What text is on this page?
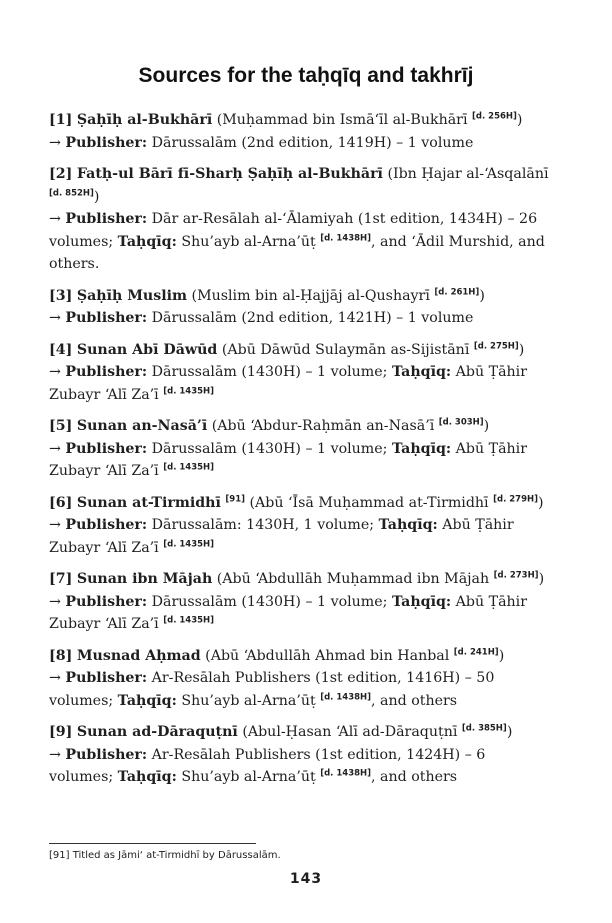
Sources for the taḥqīq and takhrīj
[1] Ṣaḥīḥ al-Bukhārī (Muḥammad bin Ismā‘īl al-Bukhārī [d. 256H])
→ Publisher: Dārussalām (2nd edition, 1419H) – 1 volume
[2] Fatḥ-ul Bārī fī-Sharḥ Ṣaḥīḥ al-Bukhārī (Ibn Ḥajar al-‘Asqalānī [d. 852H])
→ Publisher: Dār ar-Resālah al-‘Ālamiyah (1st edition, 1434H) – 26 volumes; Taḥqīq: Shu’ayb al-Arna’ūṭ [d. 1438H], and ‘Ādil Murshid, and others.
[3] Ṣaḥīḥ Muslim (Muslim bin al-Ḥajjāj al-Qushayrī [d. 261H])
→ Publisher: Dārussalām (2nd edition, 1421H) – 1 volume
[4] Sunan Abī Dāwūd (Abū Dāwūd Sulaymān as-Sijistānī [d. 275H])
→ Publisher: Dārussalām (1430H) – 1 volume; Taḥqīq: Abū Ṭāhir Zubayr ‘Alī Za’ī [d. 1435H]
[5] Sunan an-Nasā’ī (Abū ‘Abdur-Raḥmān an-Nasā’ī [d. 303H])
→ Publisher: Dārussalām (1430H) – 1 volume; Taḥqīq: Abū Ṭāhir Zubayr ‘Alī Za’ī [d. 1435H]
[6] Sunan at-Tirmidhī [91] (Abū ‘Īsā Muḥammad at-Tirmidhī [d. 279H])
→ Publisher: Dārussalām: 1430H, 1 volume; Taḥqīq: Abū Ṭāhir Zubayr ‘Alī Za’ī [d. 1435H]
[7] Sunan ibn Mājah (Abū ‘Abdullāh Muḥammad ibn Mājah [d. 273H])
→ Publisher: Dārussalām (1430H) – 1 volume; Taḥqīq: Abū Ṭāhir Zubayr ‘Alī Za’ī [d. 1435H]
[8] Musnad Aḥmad (Abū ‘Abdullāh Ahmad bin Hanbal [d. 241H])
→ Publisher: Ar-Resālah Publishers (1st edition, 1416H) – 50 volumes; Taḥqīq: Shu’ayb al-Arna’ūṭ [d. 1438H], and others
[9] Sunan ad-Dāraquṭnī (Abul-Ḥasan ‘Alī ad-Dāraquṭnī [d. 385H])
→ Publisher: Ar-Resālah Publishers (1st edition, 1424H) – 6 volumes; Taḥqīq: Shu’ayb al-Arna’ūṭ [d. 1438H], and others
[91] Titled as Jāmi‘ at-Tirmidhī by Dārussalām.
143
